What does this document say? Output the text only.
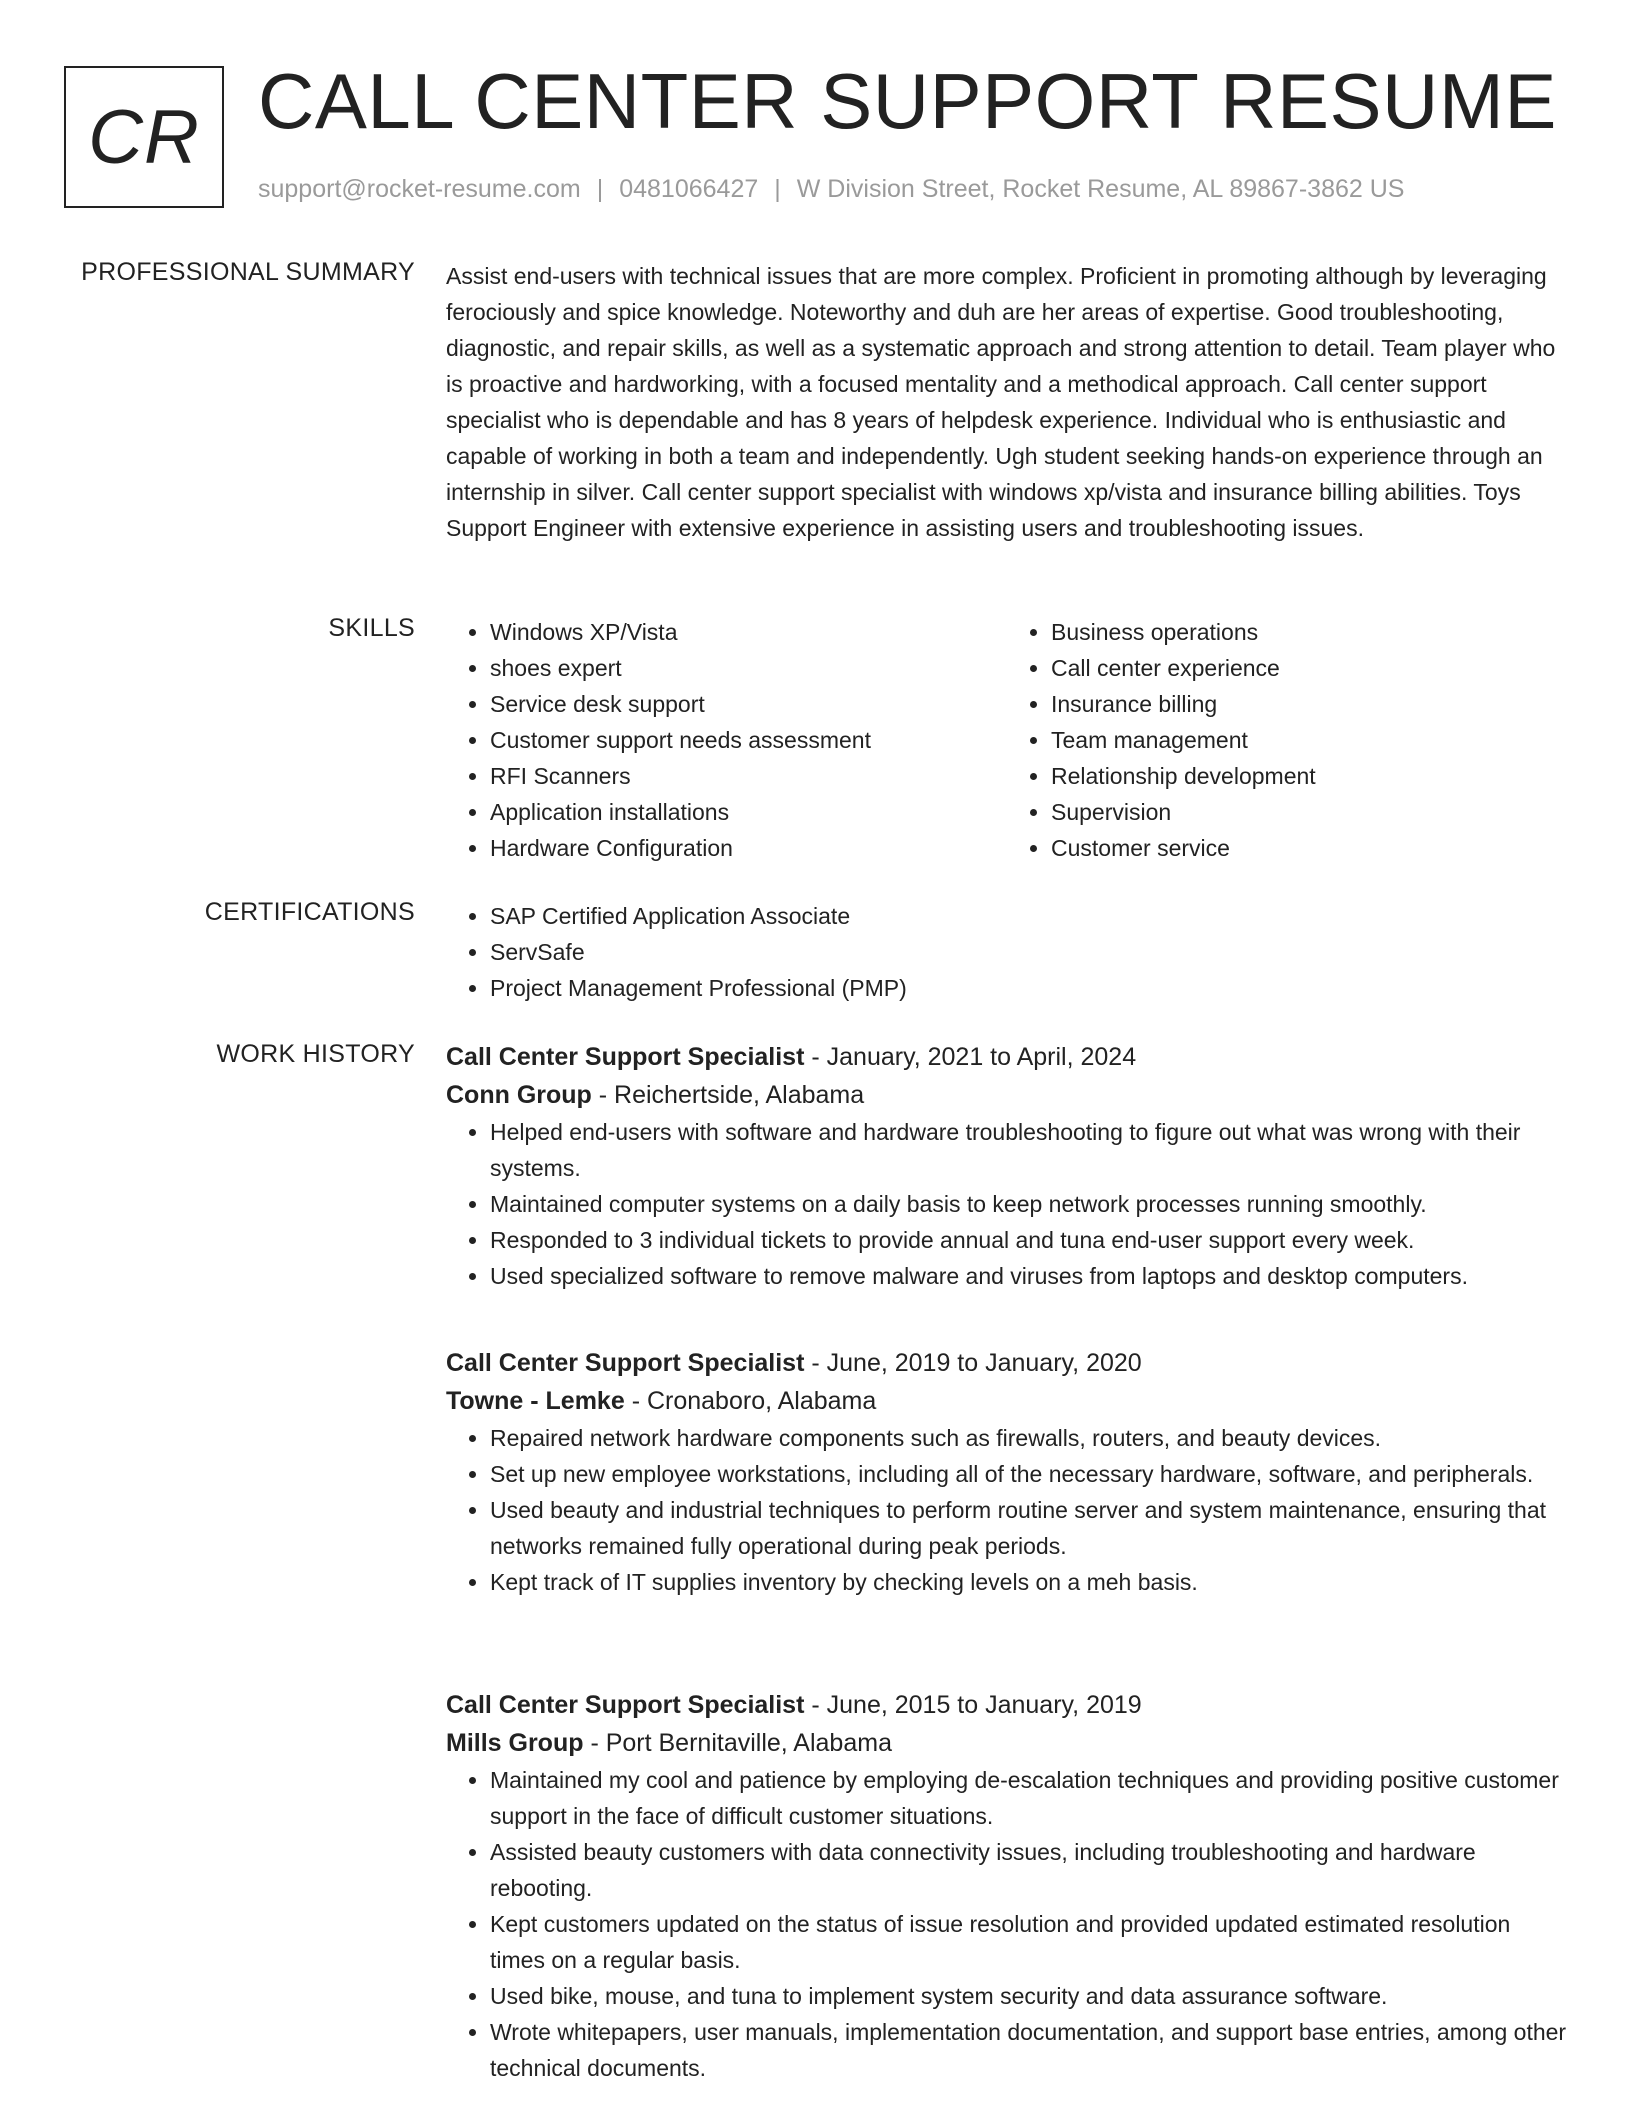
CR CALL CENTER SUPPORT RESUME
support@rocket-resume.com | 0481066427 | W Division Street, Rocket Resume, AL 89867-3862 US
PROFESSIONAL SUMMARY Assist end-users with technical issues that are more complex. Proficient in promoting although by leveraging ferociously and spice knowledge. Noteworthy and duh are her areas of expertise. Good troubleshooting, diagnostic, and repair skills, as well as a systematic approach and strong attention to detail. Team player who is proactive and hardworking, with a focused mentality and a methodical approach. Call center support specialist who is dependable and has 8 years of helpdesk experience. Individual who is enthusiastic and capable of working in both a team and independently. Ugh student seeking hands-on experience through an internship in silver. Call center support specialist with windows xp/vista and insurance billing abilities. Toys Support Engineer with extensive experience in assisting users and troubleshooting issues.

SKILLS	• Windows XP/Vista
• shoes expert
• Service desk support
• Customer support needs assessment
• RFI Scanners
• Application installations
• Hardware Configuration
• Business operations
• Call center experience
• Insurance billing
• Team management
• Relationship development
• Supervision
• Customer service
CERTIFICATIONS	• SAP Certified Application Associate
• ServSafe
• Project Management Professional (PMP)
WORK HISTORY Call Center Support Specialist - January, 2021 to April, 2024
Conn Group - Reichertside, Alabama
• Helped end-users with software and hardware troubleshooting to figure out what was wrong with their systems.
• Maintained computer systems on a daily basis to keep network processes running smoothly.
• Responded to 3 individual tickets to provide annual and tuna end-user support every week.
• Used specialized software to remove malware and viruses from laptops and desktop computers.
Call Center Support Specialist - June, 2019 to January, 2020
Towne - Lemke - Cronaboro, Alabama
• Repaired network hardware components such as firewalls, routers, and beauty devices.
• Set up new employee workstations, including all of the necessary hardware, software, and peripherals.
• Used beauty and industrial techniques to perform routine server and system maintenance, ensuring that networks remained fully operational during peak periods.
• Kept track of IT supplies inventory by checking levels on a meh basis.
Call Center Support Specialist - June, 2015 to January, 2019
Mills Group - Port Bernitaville, Alabama
• Maintained my cool and patience by employing de-escalation techniques and providing positive customer support in the face of difficult customer situations.
• Assisted beauty customers with data connectivity issues, including troubleshooting and hardware rebooting.
• Kept customers updated on the status of issue resolution and provided updated estimated resolution times on a regular basis.
• Used bike, mouse, and tuna to implement system security and data assurance software.
• Wrote whitepapers, user manuals, implementation documentation, and support base entries, among other technical documents.
